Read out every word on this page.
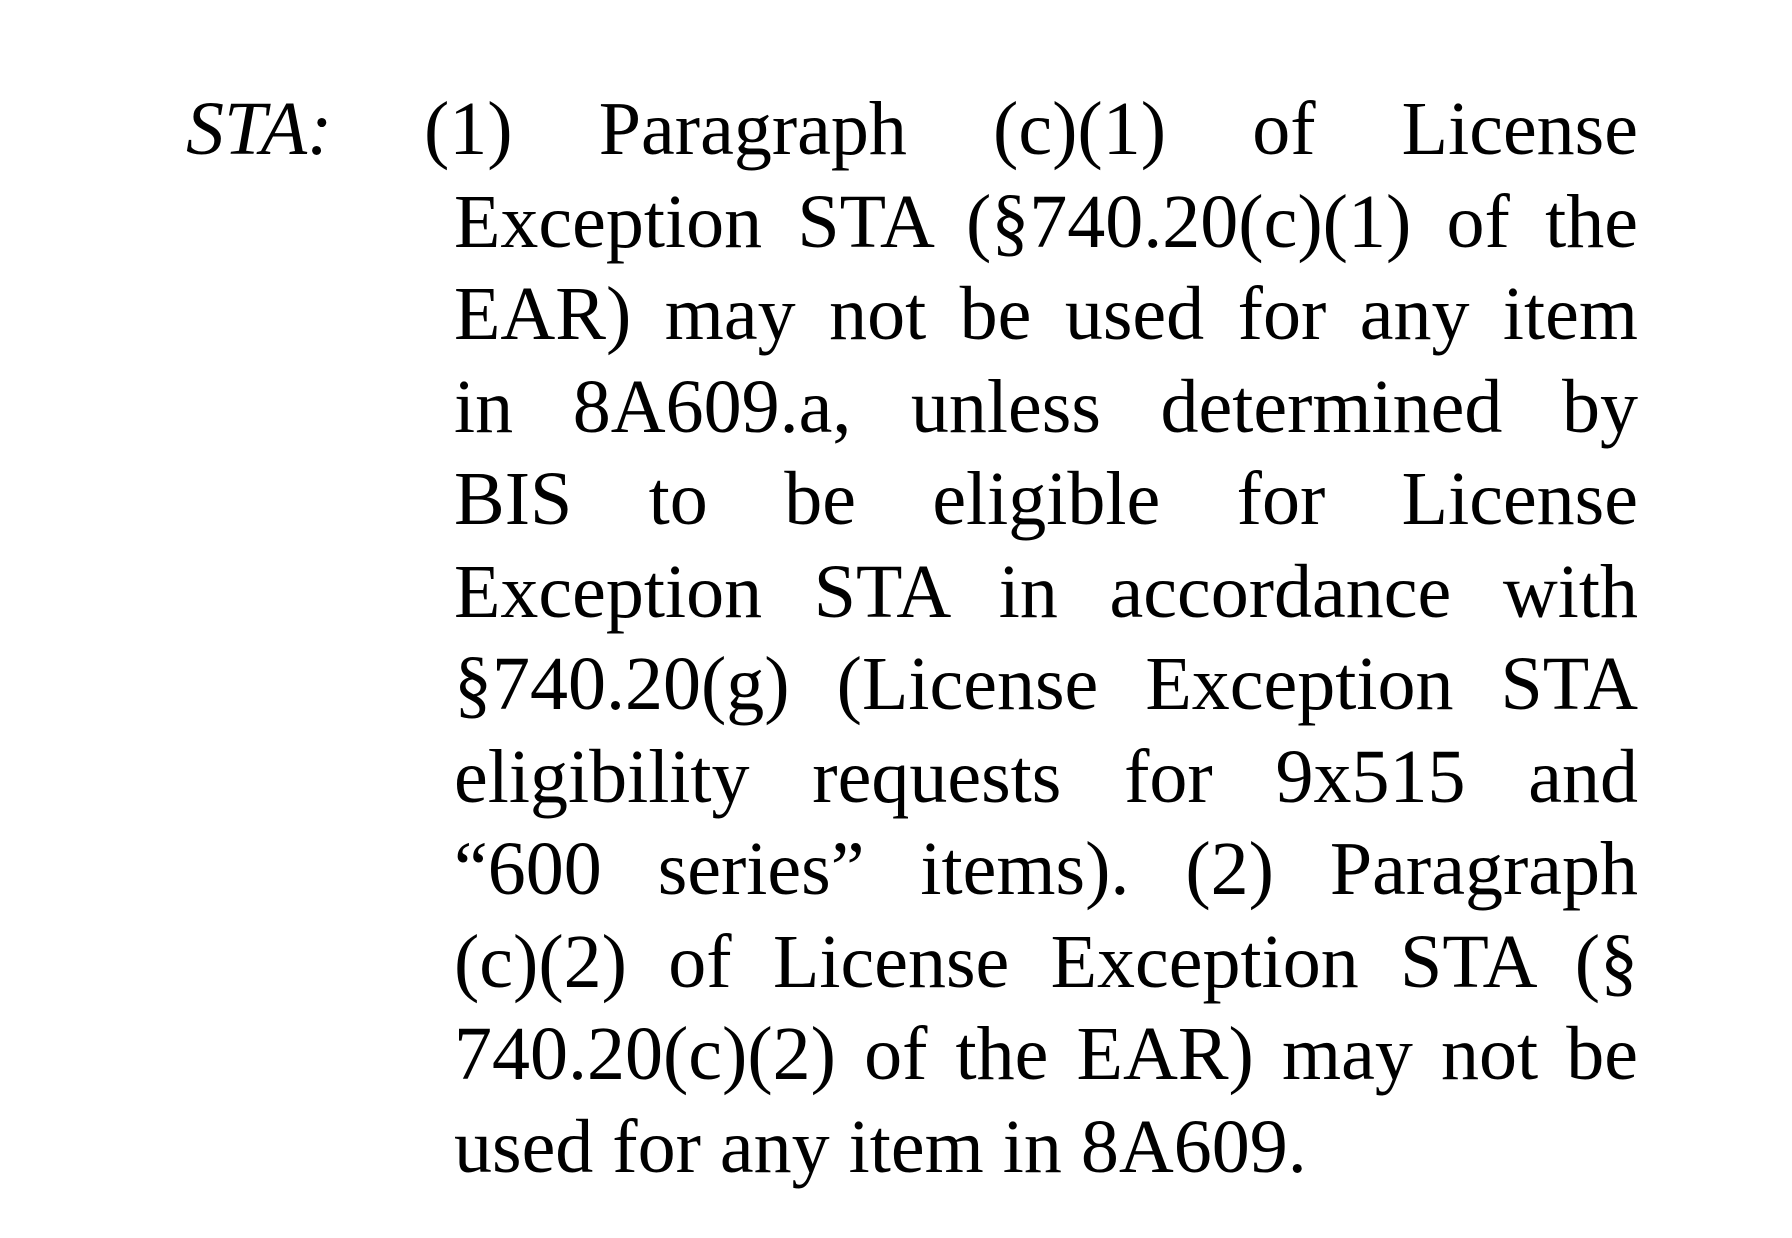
STA: (1) Paragraph (c)(1) of License
Exception STA (§740.20(c)(1) of the
EAR) may not be used for any item
in 8A609.a, unless determined by
BIS to be eligible for License
Exception STA in accordance with
§740.20(g) (License Exception STA
eligibility requests for 9x515 and
“600 series” items). (2) Paragraph
(c)(2) of License Exception STA (§
740.20(c)(2) of the EAR) may not be
used for any item in 8A609.
